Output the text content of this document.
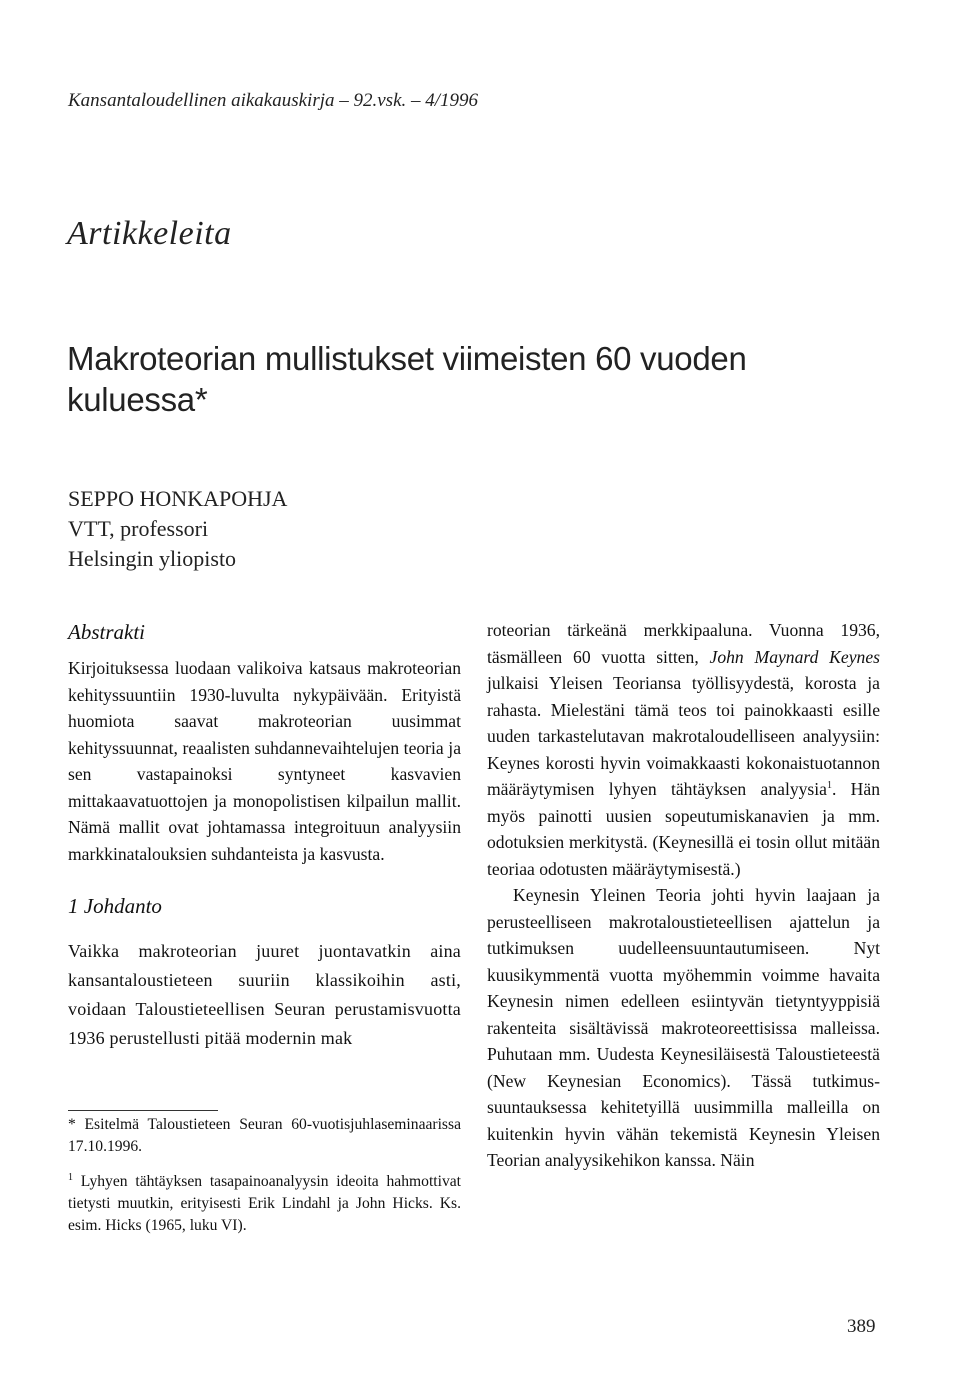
Kansantaloudellinen aikakauskirja – 92.vsk. – 4/1996
Artikkeleita
Makroteorian mullistukset viimeisten 60 vuoden
kuluessa*
SEPPO HONKAPOHJA
VTT, professori
Helsingin yliopisto
Abstrakti

Kirjoituksessa luodaan valikoiva katsaus makroteorian kehityssuuntiin 1930-luvulta nykypäivään. Erityistä huomiota saavat makroteorian uusimmat kehityssuunnat, reaalisten suhdannevaihtelujen teoria ja sen vastapainoksi syntyneet kasvavien mittakaavatuottojen ja monopolistisen kilpailun mallit. Nämä mallit ovat johtamassa integroituun analyysiin markkinatalouksien suhdanteista ja kasvusta.

1 Johdanto

Vaikka makroteorian juuret juontavatkin aina kansantaloustieteen suuriin klassikoihin asti, voidaan Taloustieteellisen Seuran perustamisvuotta 1936 perustellusti pitää modernin mak

* Esitelmä Taloustieteen Seuran 60-vuotisjuhlaseminaarissa 17.10.1996.

$^1$ Lyhyen tähtäyksen tasapainoanalyysin ideoita hahmottivat tietysti muutkin, erityisesti Erik Lindahl ja John Hicks. Ks. esim. Hicks (1965, luku VI).

roteorian tärkeänä merkkipaaluna. Vuonna 1936, täsmälleen 60 vuotta sitten, John Maynard Keynes julkaisi Yleisen Teoriansa työllisyydestä, korosta ja rahasta. Mielestäni tämä teos toi painokkaasti esille uuden tarkastelutavan makrotaloudelliseen analyysiin: Keynes korosti hyvin voimakkaasti kokonaistuotannon määräytymisen lyhyen tähtäyksen analyysia$^1$. Hän myös painotti uusien sopeutumiskanavien ja mm. odotuksien merkitystä. (Keynesillä ei tosin ollut mitään teoriaa odotusten määräytymisestä.)

Keynesin Yleinen Teoria johti hyvin laajaan ja perusteelliseen makrotaloustieteellisen ajattelun ja tutkimuksen uudelleensuuntautumiseen. Nyt kuusikymmentä vuotta myöhemmin voimme havaita Keynesin nimen edelleen esiintyvän tietyntyyppisiä rakenteita sisältävissä makroteoreettisissa malleissa. Puhutaan mm. Uudesta Keynesiläisestä Taloustieteestä (New Keynesian Economics). Tässä tutkimussuuntauksessa kehitetyillä uusimmilla malleilla on kuitenkin hyvin vähän tekemistä Keynesin Yleisen Teorian analyysikehikon kanssa. Näin

389
